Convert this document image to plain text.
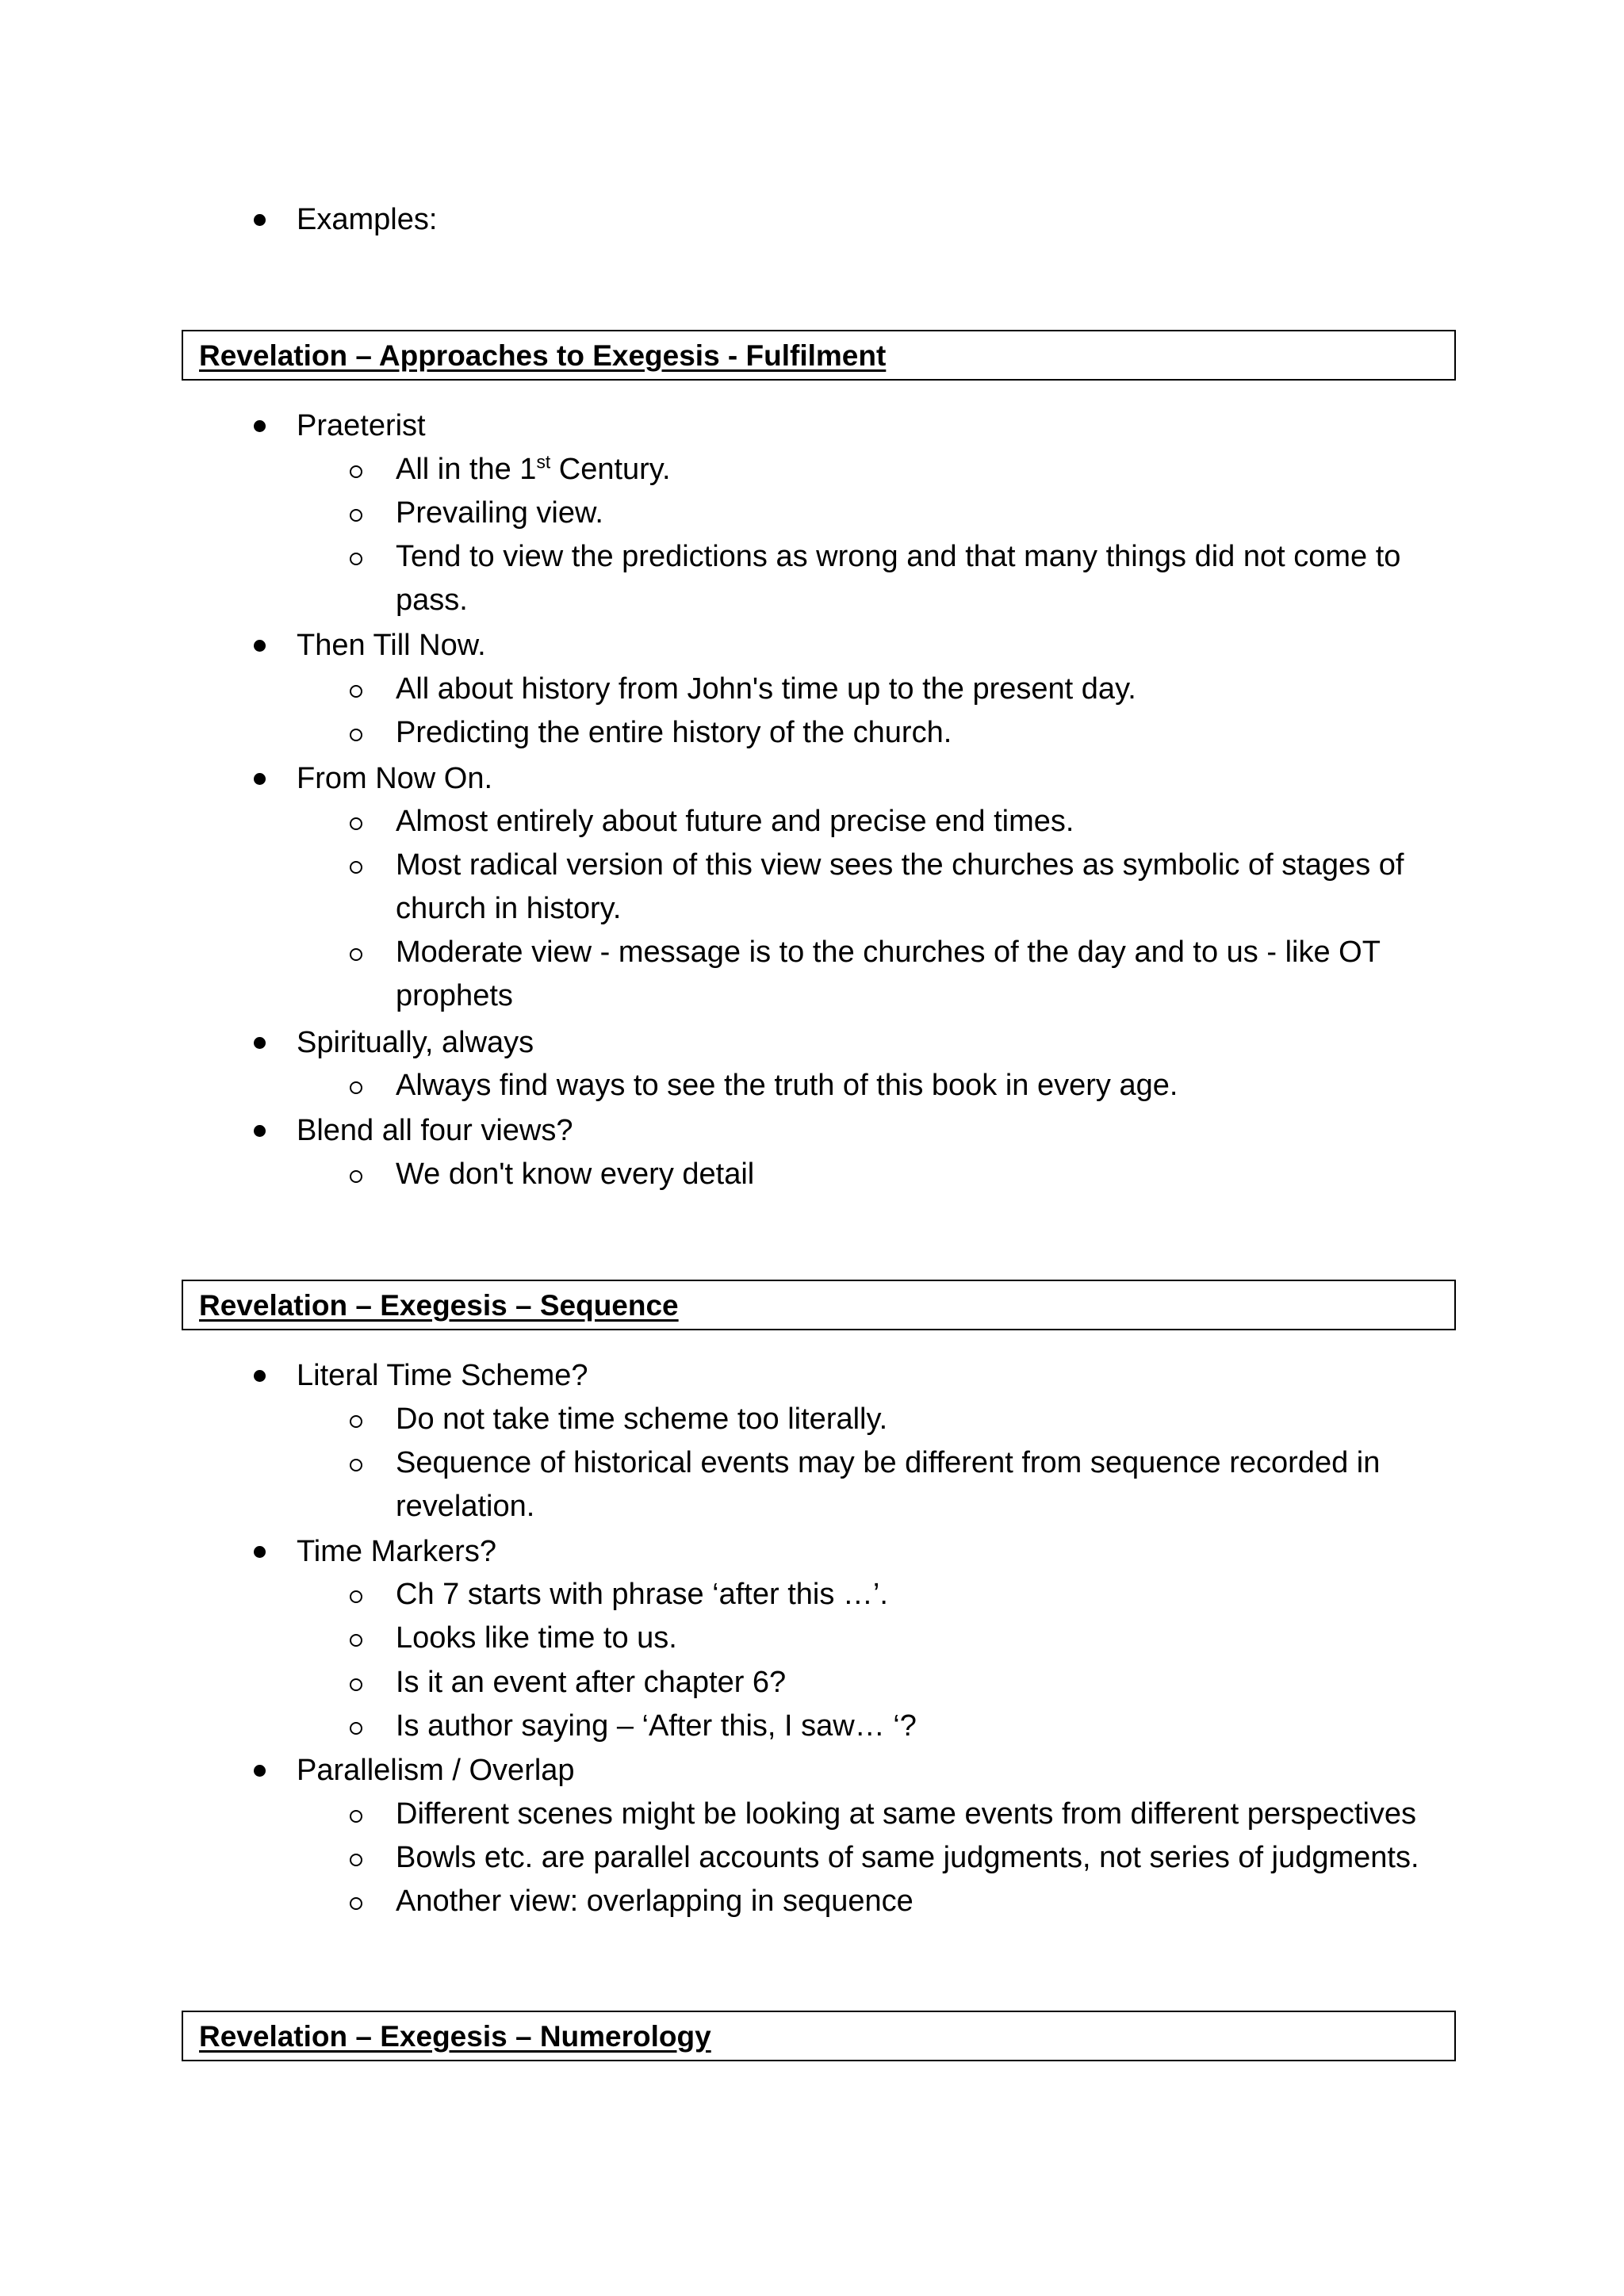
Examples:
Revelation – Approaches to Exegesis - Fulfilment
Praeterist
All in the 1st Century.
Prevailing view.
Tend to view the predictions as wrong and that many things did not come to
pass.
Then Till Now.
All about history from John's time up to the present day.
Predicting the entire history of the church.
From Now On.
Almost entirely about future and precise end times.
Most radical version of this view sees the churches as symbolic of stages of
church in history.
Moderate view - message is to the churches of the day and to us - like OT
prophets
Spiritually, always
Always find ways to see the truth of this book in every age.
Blend all four views?
We don't know every detail
Revelation – Exegesis – Sequence
Literal Time Scheme?
Do not take time scheme too literally.
Sequence of historical events may be different from sequence recorded in
revelation.
Time Markers?
Ch 7 starts with phrase ‘after this …’.
Looks like time to us.
Is it an event after chapter 6?
Is author saying – ‘After this, I saw… ‘?
Parallelism / Overlap
Different scenes might be looking at same events from different perspectives
Bowls etc. are parallel accounts of same judgments, not series of judgments.
Another view: overlapping in sequence
Revelation – Exegesis – Numerology
